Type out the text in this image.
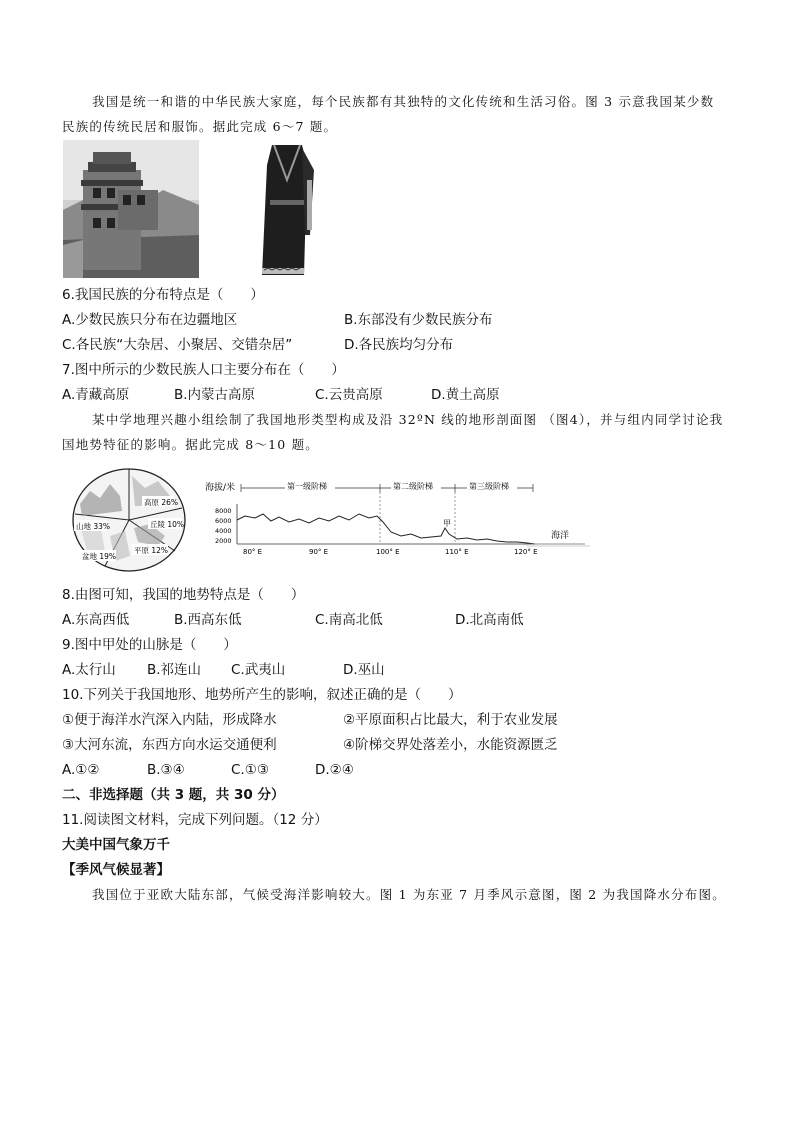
我国是统一和谐的中华民族大家庭，每个民族都有其独特的文化传统和生活习俗。图 3 示意我国某少数
民族的传统民居和服饰。据此完成 6～7 题。
6.我国民族的分布特点是（　　）
A.少数民族只分布在边疆地区	B.东部没有少数民族分布
C.各民族“大杂居、小聚居、交错杂居”	D.各民族均匀分布
7.图中所示的少数民族人口主要分布在（　　）
A.青藏高原	B.内蒙古高原	C.云贵高原	D.黄土高原
某中学地理兴趣小组绘制了我国地形类型构成及沿 32ºN 线的地形剖面图 （图4），并与组内同学讨论我
国地势特征的影响。据此完成 8～10 题。
高原 26%
山地 33%	丘陵 10%
平原 12%
盆地 19%
海拔/米
8000
6000
4000
2000
第一级阶梯	第二级阶梯	第三级阶梯
甲
海洋
80° E	90° E	100° E	110° E	120° E
8.由图可知，我国的地势特点是（　　）
A.东高西低	B.西高东低	C.南高北低	D.北高南低
9.图中甲处的山脉是（　　）
A.太行山 B.祁连山 C.武夷山	D.巫山
10.下列关于我国地形、地势所产生的影响，叙述正确的是（　　）
①便于海洋水汽深入内陆，形成降水	②平原面积占比最大，利于农业发展
③大河东流，东西方向水运交通便利	④阶梯交界处落差小，水能资源匮乏
A.①②	B.③④	C.①③	D.②④
二、非选择题（共 3 题，共 30 分）
11.阅读图文材料，完成下列问题。（12 分）
大美中国气象万千
【季风气候显著】
我国位于亚欧大陆东部，气候受海洋影响较大。图 1 为东亚 7 月季风示意图，图 2 为我国降水分布图。
